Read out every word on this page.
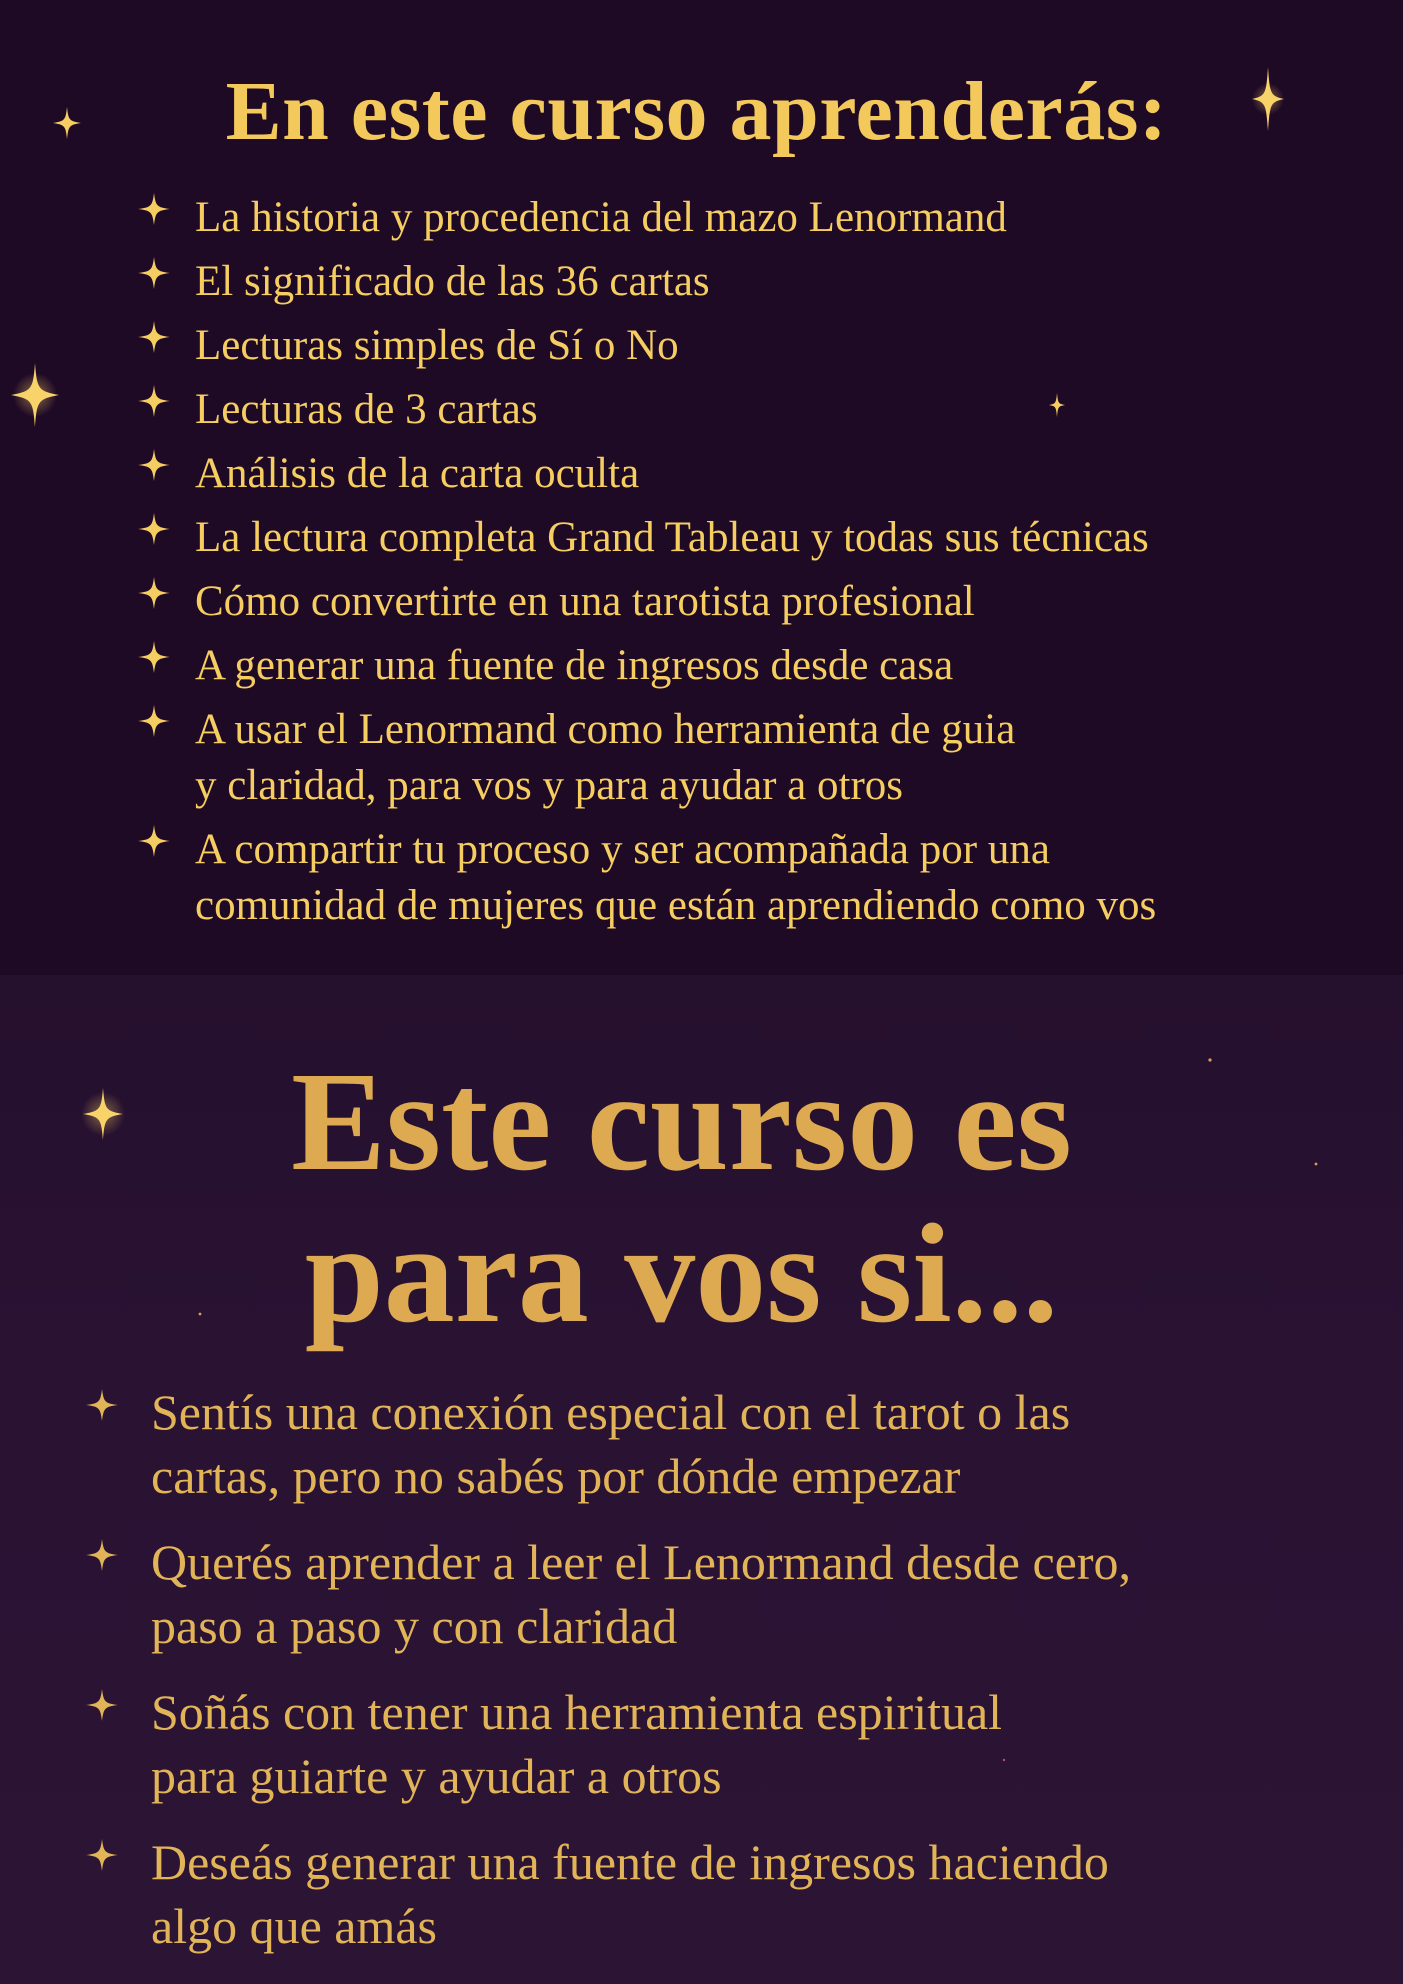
En este curso aprenderás:
La historia y procedencia del mazo Lenormand
El significado de las 36 cartas
Lecturas simples de Sí o No
Lecturas de 3 cartas
Análisis de la carta oculta
La lectura completa Grand Tableau y todas sus técnicas
Cómo convertirte en una tarotista profesional
A generar una fuente de ingresos desde casa
A usar el Lenormand como herramienta de guia
y claridad, para vos y para ayudar a otros
A compartir tu proceso y ser acompañada por una
comunidad de mujeres que están aprendiendo como vos
Este curso es
para vos si...
Sentís una conexión especial con el tarot o las
cartas, pero no sabés por dónde empezar
Querés aprender a leer el Lenormand desde cero,
paso a paso y con claridad
Soñás con tener una herramienta espiritual
para guiarte y ayudar a otros
Deseás generar una fuente de ingresos haciendo
algo que amás
